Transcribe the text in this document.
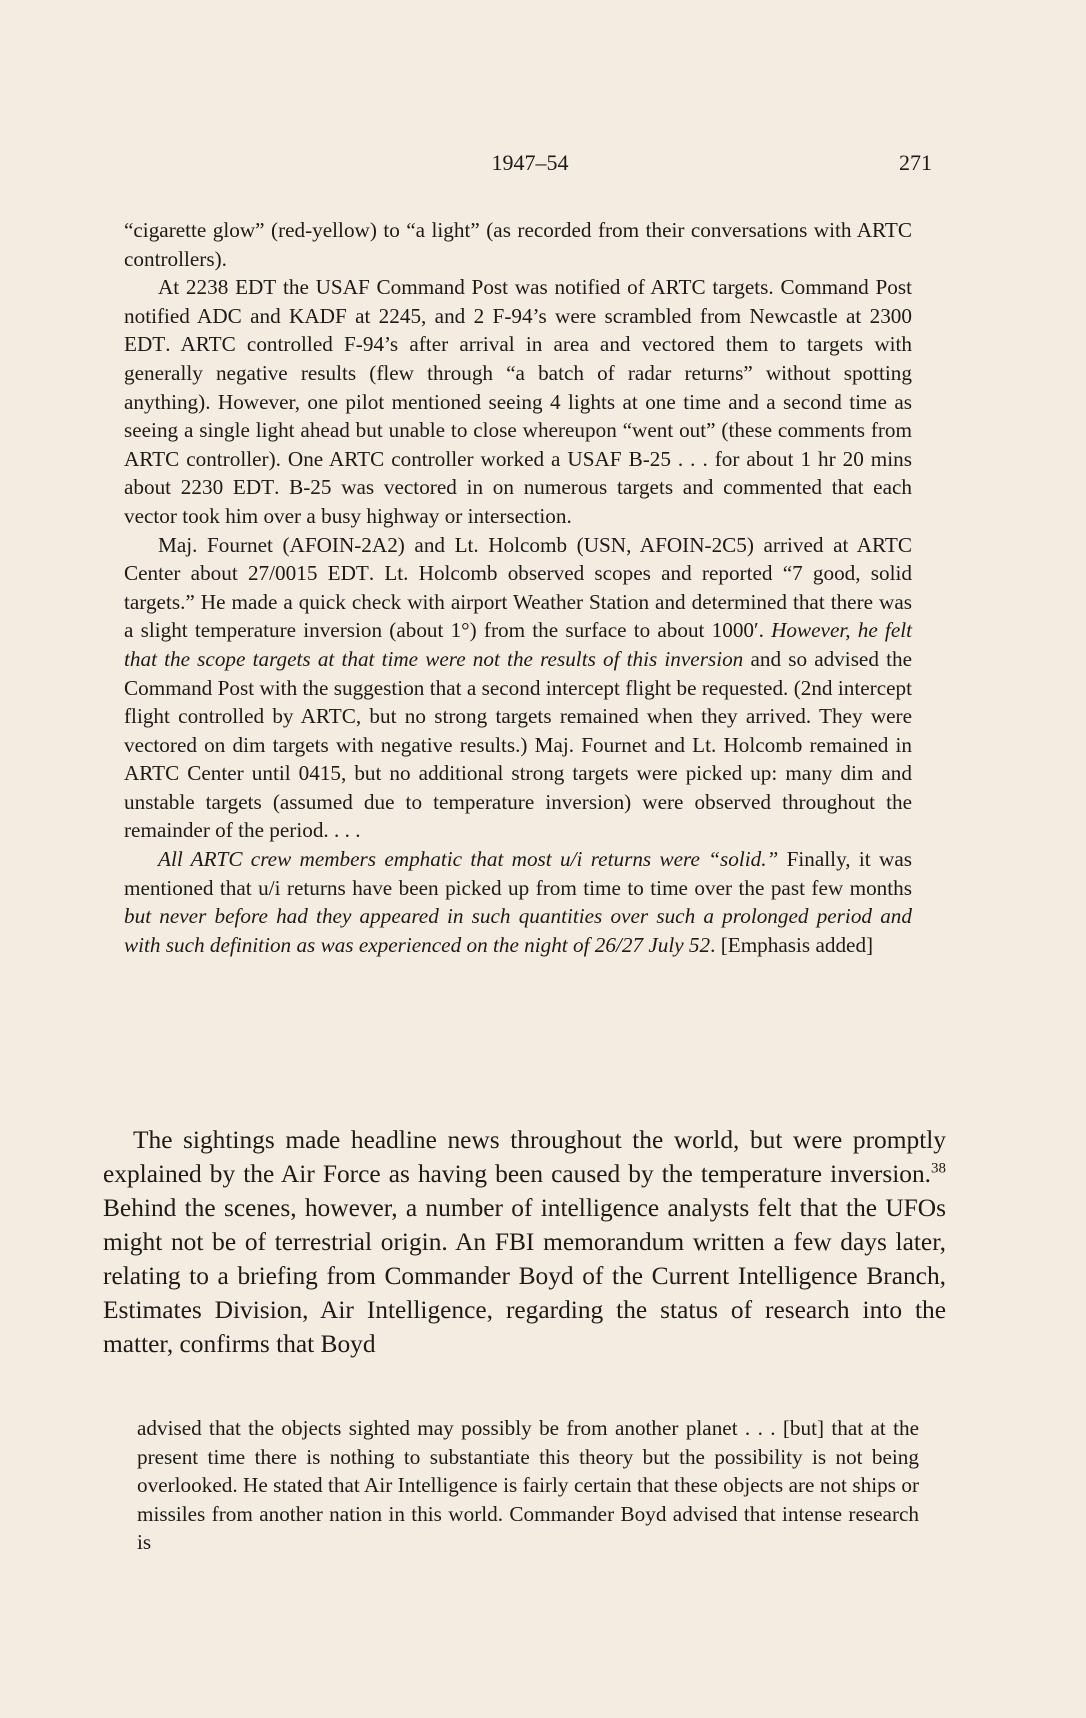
1947–54	271

“cigarette glow” (red-yellow) to “a light” (as recorded from their conversations with ARTC controllers).

At 2238 EDT the USAF Command Post was notified of ARTC targets. Command Post notified ADC and KADF at 2245, and 2 F-94’s were scrambled from Newcastle at 2300 EDT. ARTC controlled F-94’s after arrival in area and vectored them to targets with generally negative results (flew through “a batch of radar returns” without spotting anything). However, one pilot mentioned seeing 4 lights at one time and a second time as seeing a single light ahead but unable to close whereupon “went out” (these comments from ARTC controller). One ARTC controller worked a USAF B-25 . . . for about 1 hr 20 mins about 2230 EDT. B-25 was vectored in on numerous targets and commented that each vector took him over a busy highway or intersection.

Maj. Fournet (AFOIN-2A2) and Lt. Holcomb (USN, AFOIN-2C5) arrived at ARTC Center about 27/0015 EDT. Lt. Holcomb observed scopes and reported “7 good, solid targets.” He made a quick check with airport Weather Station and determined that there was a slight temperature inversion (about 1°) from the surface to about 1000′. However, he felt that the scope targets at that time were not the results of this inversion and so advised the Command Post with the suggestion that a second intercept flight be requested. (2nd intercept flight controlled by ARTC, but no strong targets remained when they arrived. They were vectored on dim targets with negative results.) Maj. Fournet and Lt. Holcomb remained in ARTC Center until 0415, but no additional strong targets were picked up: many dim and unstable targets (assumed due to temperature inversion) were observed throughout the remainder of the period. . . .

All ARTC crew members emphatic that most u/i returns were “solid.” Finally, it was mentioned that u/i returns have been picked up from time to time over the past few months but never before had they appeared in such quantities over such a prolonged period and with such definition as was experienced on the night of 26/27 July 52. [Emphasis added]

The sightings made headline news throughout the world, but were promptly explained by the Air Force as having been caused by the temperature inversion.$^{38}$ Behind the scenes, however, a number of intelligence analysts felt that the UFOs might not be of terrestrial origin. An FBI memorandum written a few days later, relating to a briefing from Commander Boyd of the Current Intelligence Branch, Estimates Division, Air Intelligence, regarding the status of research into the matter, confirms that Boyd

advised that the objects sighted may possibly be from another planet . . . [but] that at the present time there is nothing to substantiate this theory but the possibility is not being overlooked. He stated that Air Intelligence is fairly certain that these objects are not ships or missiles from another nation in this world. Commander Boyd advised that intense research is
